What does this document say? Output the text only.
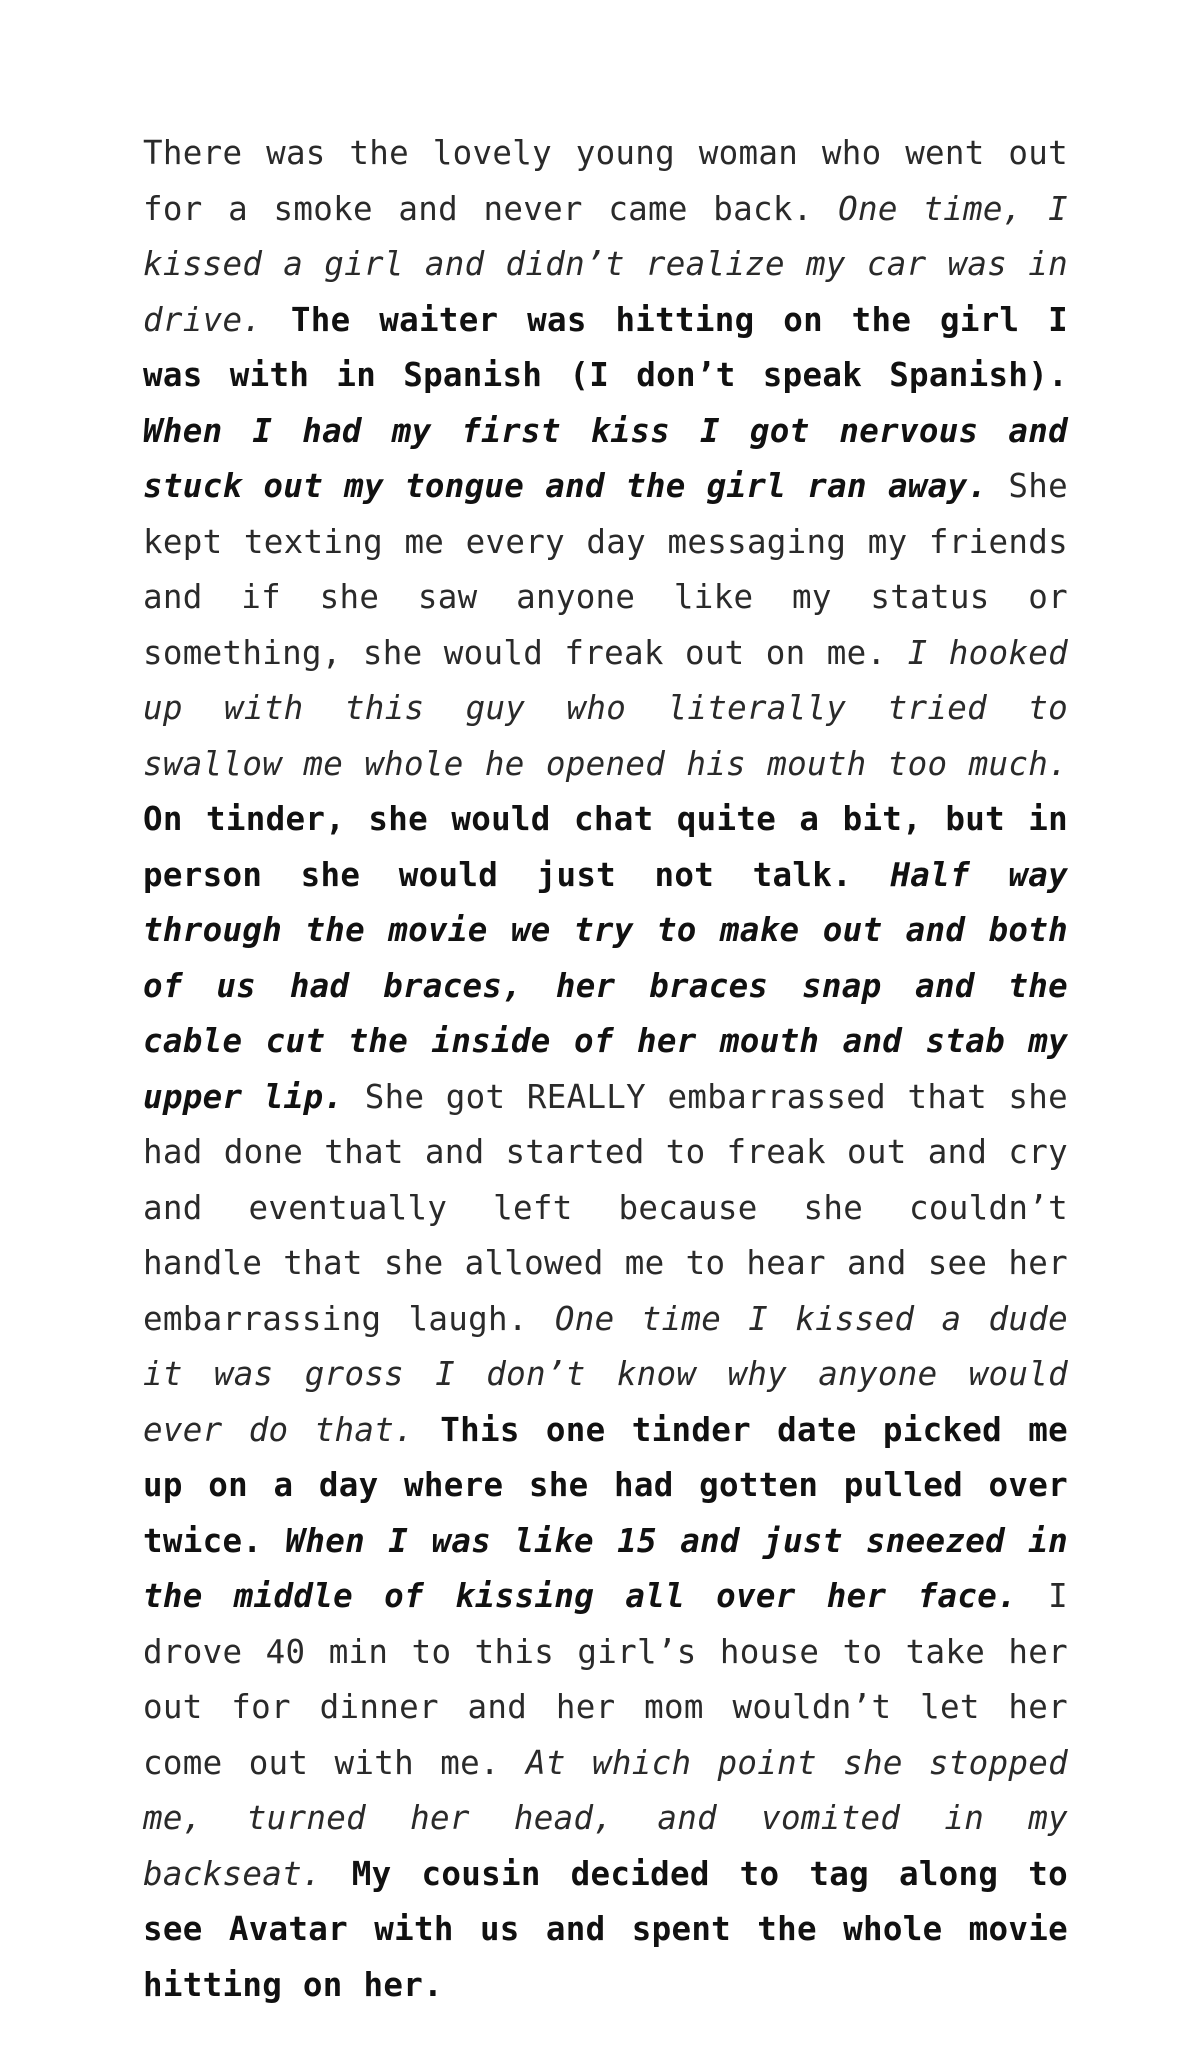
There was the lovely young woman who went out for a smoke and never came back. One time, I kissed a girl and didn’t realize my car was in drive. The waiter was hitting on the girl I was with in Spanish (I don’t speak Spanish). When I had my first kiss I got nervous and stuck out my tongue and the girl ran away. She kept texting me every day messaging my friends and if she saw anyone like my status or something, she would freak out on me. I hooked up with this guy who literally tried to swallow me whole he opened his mouth too much. On tinder, she would chat quite a bit, but in person she would just not talk. Half way through the movie we try to make out and both of us had braces, her braces snap and the cable cut the inside of her mouth and stab my upper lip. She got REALLY embarrassed that she had done that and started to freak out and cry and eventually left because she couldn’t handle that she allowed me to hear and see her embarrassing laugh. One time I kissed a dude it was gross I don’t know why anyone would ever do that. This one tinder date picked me up on a day where she had gotten pulled over twice. When I was like 15 and just sneezed in the middle of kissing all over her face. I drove 40 min to this girl’s house to take her out for dinner and her mom wouldn’t let her come out with me. At which point she stopped me, turned her head, and vomited in my backseat. My cousin decided to tag along to see Avatar with us and spent the whole movie hitting on her.
